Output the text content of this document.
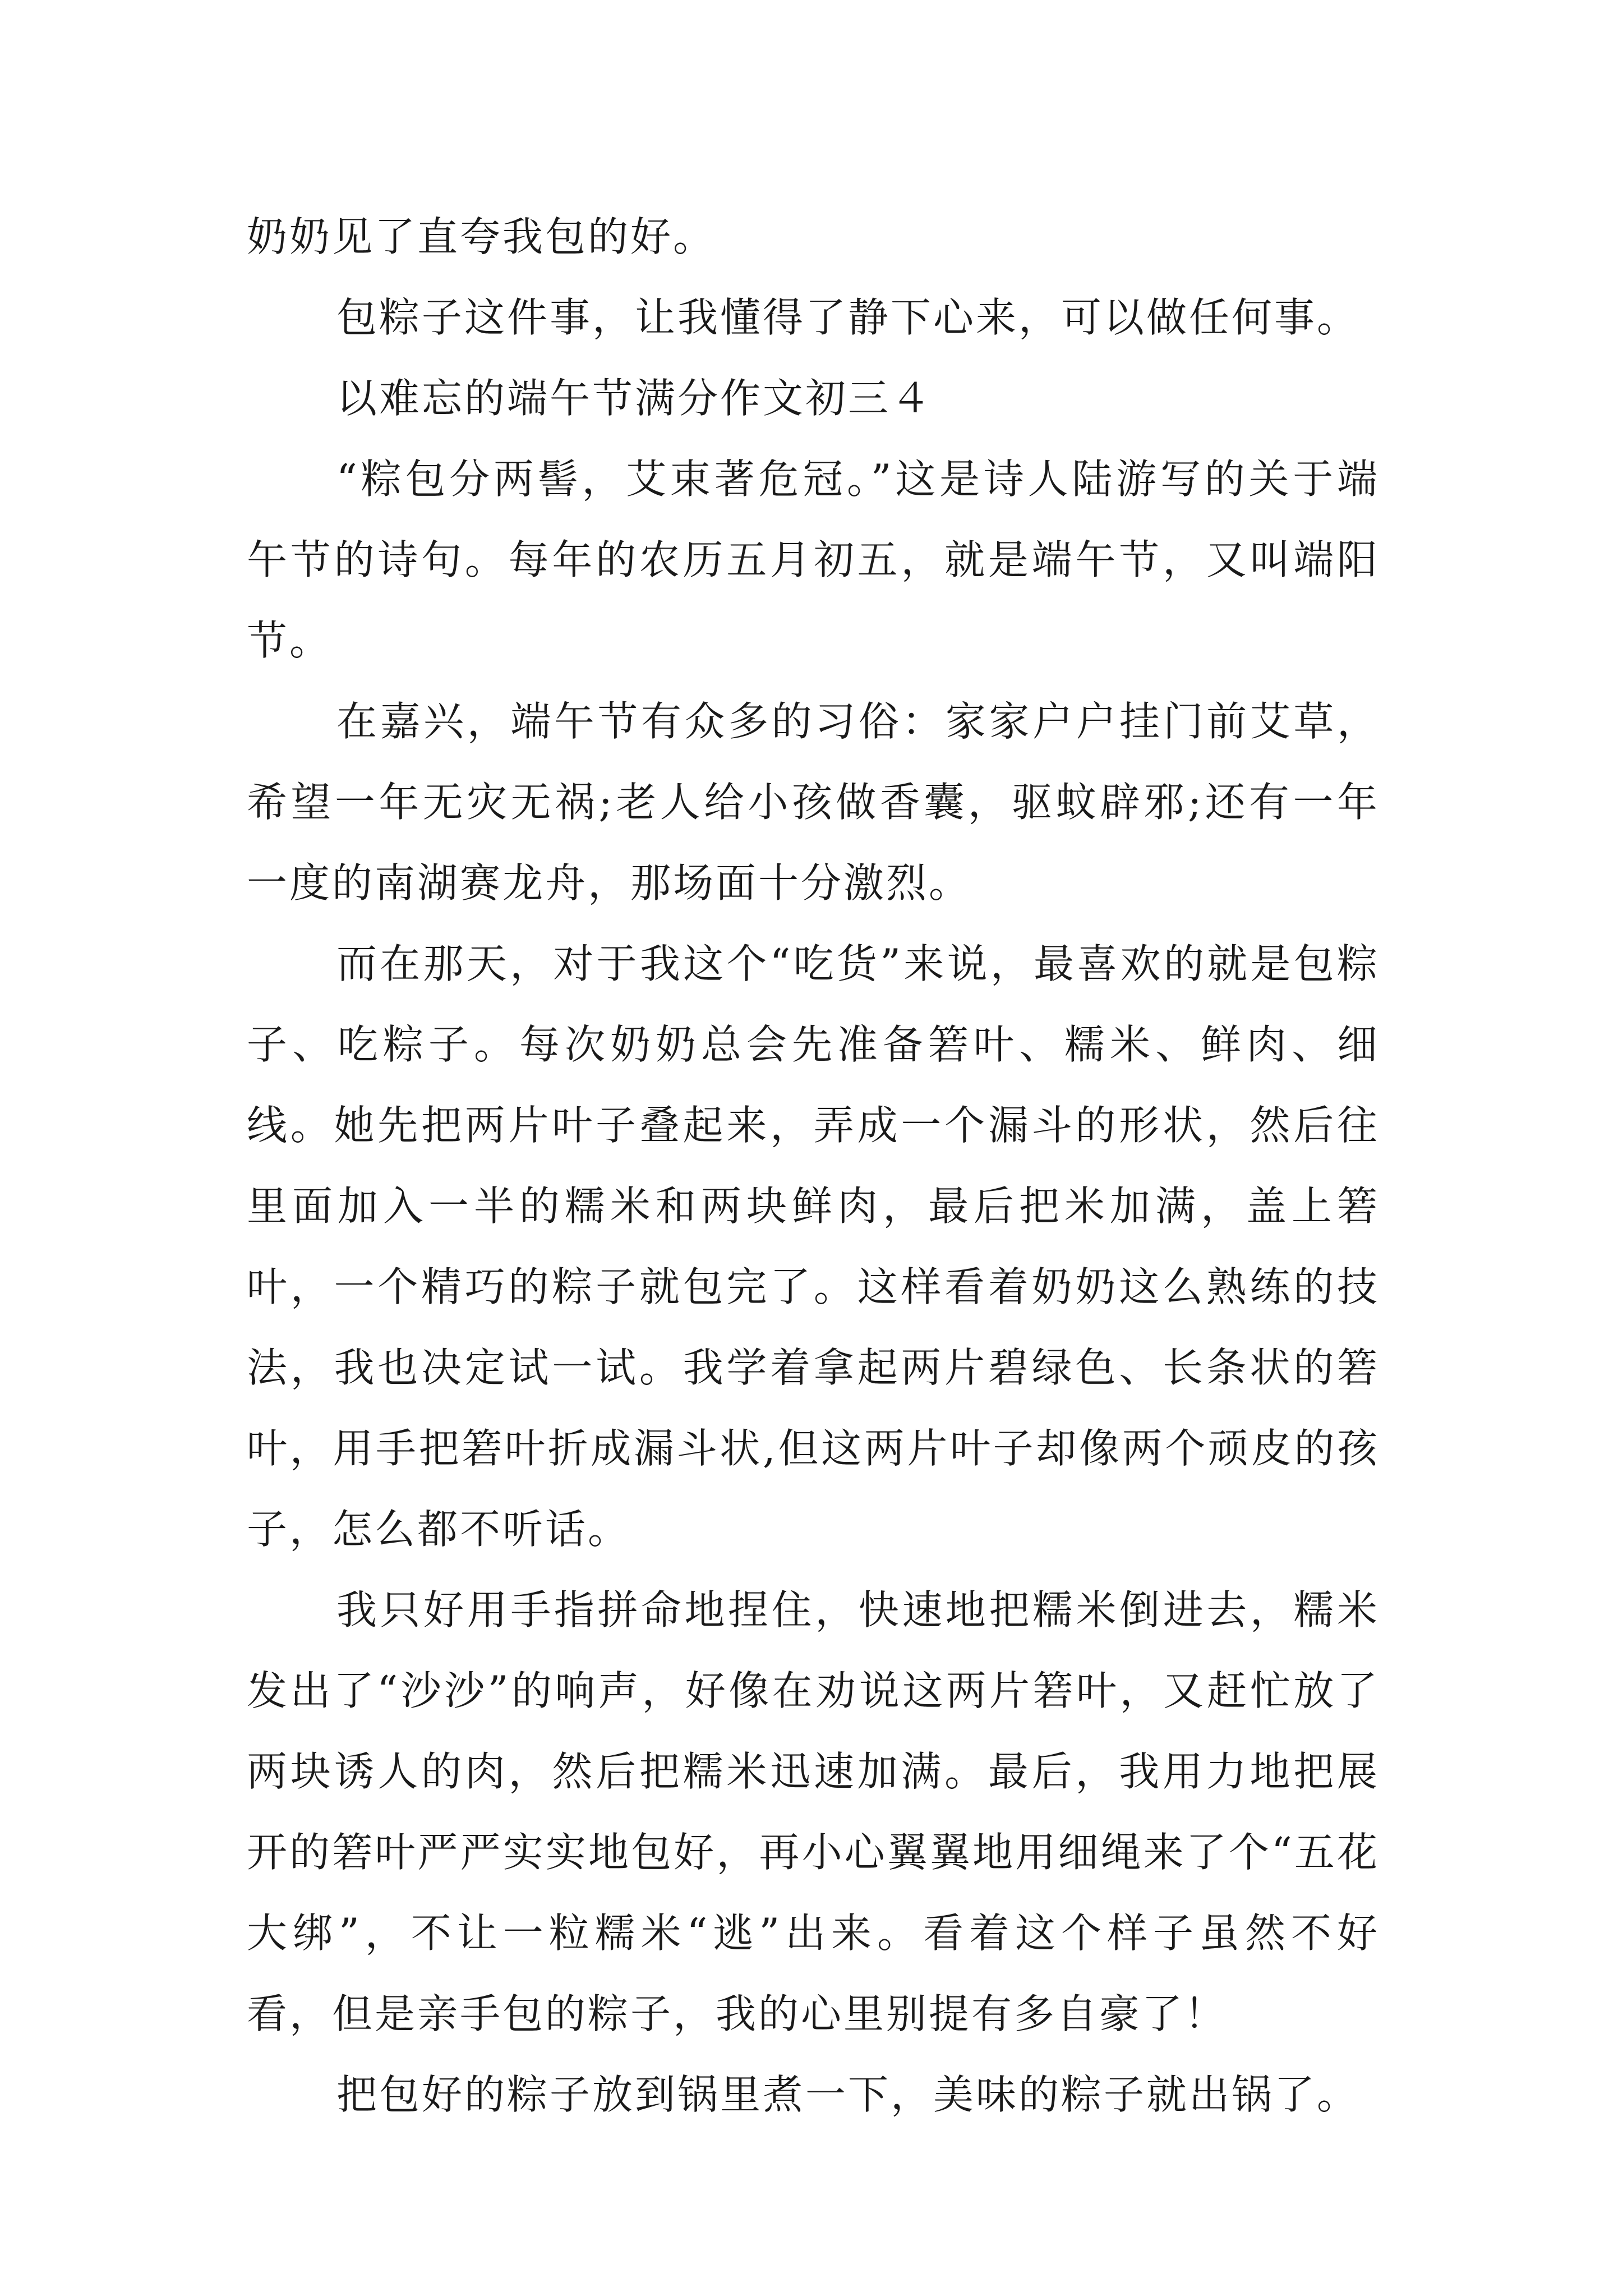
奶奶见了直夸我包的好。

包粽子这件事，让我懂得了静下心来，可以做任何事。

以难忘的端午节满分作文初三４

“粽包分两髻，艾束著危冠。”这是诗人陆游写的关于端午节的诗句。每年的农历五月初五，就是端午节，又叫端阳节。

在嘉兴，端午节有众多的习俗：家家户户挂门前艾草，希望一年无灾无祸;老人给小孩做香囊，驱蚊辟邪;还有一年一度的南湖赛龙舟，那场面十分激烈。

而在那天，对于我这个“吃货”来说，最喜欢的就是包粽子、吃粽子。每次奶奶总会先准备箬叶、糯米、鲜肉、细线。她先把两片叶子叠起来，弄成一个漏斗的形状，然后往里面加入一半的糯米和两块鲜肉，最后把米加满，盖上箬叶，一个精巧的粽子就包完了。这样看着奶奶这么熟练的技法，我也决定试一试。我学着拿起两片碧绿色、长条状的箬叶，用手把箬叶折成漏斗状,但这两片叶子却像两个顽皮的孩子，怎么都不听话。

我只好用手指拼命地捏住，快速地把糯米倒进去，糯米发出了“沙沙”的响声，好像在劝说这两片箬叶，又赶忙放了两块诱人的肉，然后把糯米迅速加满。最后，我用力地把展开的箬叶严严实实地包好，再小心翼翼地用细绳来了个“五花大绑”，不让一粒糯米“逃”出来。看着这个样子虽然不好看，但是亲手包的粽子，我的心里别提有多自豪了！

把包好的粽子放到锅里煮一下，美味的粽子就出锅了。
